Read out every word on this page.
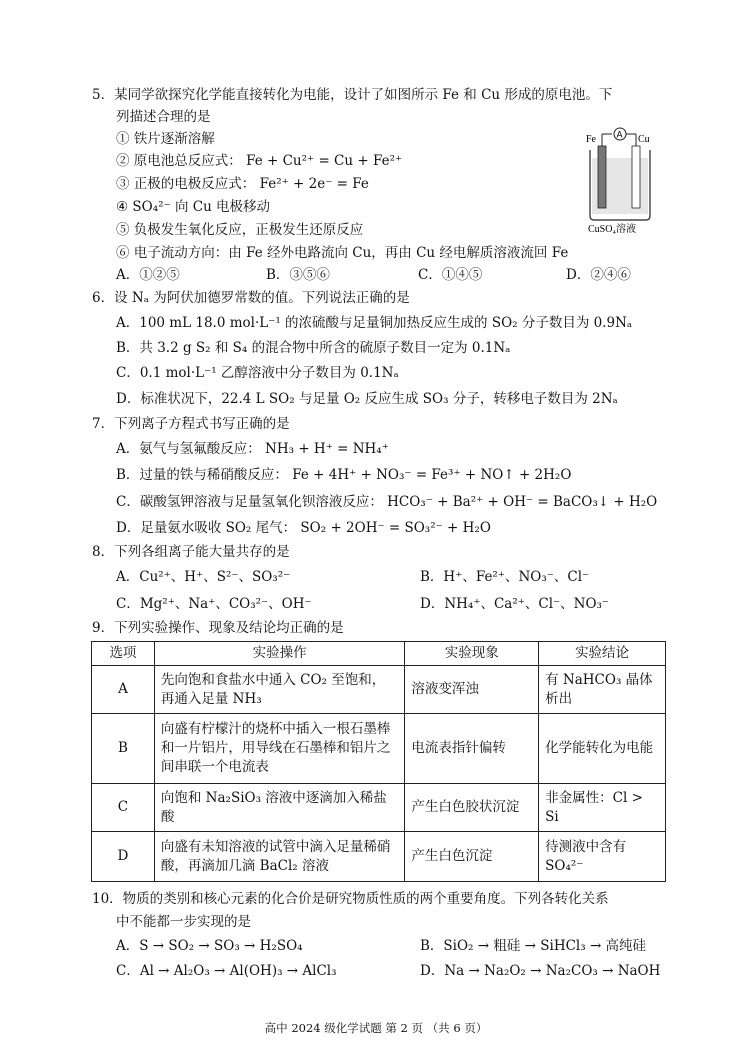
5．某同学欲探究化学能直接转化为电能，设计了如图所示 Fe 和 Cu 形成的原电池。下
列描述合理的是
① 铁片逐渐溶解
② 原电池总反应式： Fe + Cu²⁺ = Cu + Fe²⁺
③ 正极的电极反应式： Fe²⁺ + 2e⁻ = Fe
④ SO₄²⁻ 向 Cu 电极移动
⑤ 负极发生氧化反应，正极发生还原反应
⑥ 电子流动方向：由 Fe 经外电路流向 Cu，再由 Cu 经电解质溶液流回 Fe
A．①②⑤	B．③⑤⑥	C．①④⑤	D．②④⑥
Fe	Cu
A
CuSO₄溶液
6．设 Nₐ 为阿伏加德罗常数的值。下列说法正确的是
A．100 mL 18.0 mol·L⁻¹ 的浓硫酸与足量铜加热反应生成的 SO₂ 分子数目为 0.9Nₐ
B．共 3.2 g S₂ 和 S₄ 的混合物中所含的硫原子数目一定为 0.1Nₐ
C．0.1 mol·L⁻¹ 乙醇溶液中分子数目为 0.1Nₐ
D．标准状况下，22.4 L SO₂ 与足量 O₂ 反应生成 SO₃ 分子，转移电子数目为 2Nₐ
7．下列离子方程式书写正确的是
A．氨气与氢氟酸反应： NH₃ + H⁺ = NH₄⁺
B．过量的铁与稀硝酸反应： Fe + 4H⁺ + NO₃⁻ = Fe³⁺ + NO↑ + 2H₂O
C．碳酸氢钾溶液与足量氢氧化钡溶液反应： HCO₃⁻ + Ba²⁺ + OH⁻ = BaCO₃↓ + H₂O
D．足量氨水吸收 SO₂ 尾气： SO₂ + 2OH⁻ = SO₃²⁻ + H₂O
8．下列各组离子能大量共存的是
A．Cu²⁺、H⁺、S²⁻、SO₃²⁻	B．H⁺、Fe²⁺、NO₃⁻、Cl⁻
C．Mg²⁺、Na⁺、CO₃²⁻、OH⁻	D．NH₄⁺、Ca²⁺、Cl⁻、NO₃⁻
9．下列实验操作、现象及结论均正确的是
选项	实验操作	实验现象	实验结论
A	先向饱和食盐水中通入 CO₂ 至饱和，再通入足量 NH₃	溶液变浑浊	有 NaHCO₃ 晶体析出
B	向盛有柠檬汁的烧杯中插入一根石墨棒和一片铝片，用导线在石墨棒和铝片之间串联一个电流表	电流表指针偏转	化学能转化为电能
C	向饱和 Na₂SiO₃ 溶液中逐滴加入稀盐酸	产生白色胶状沉淀	非金属性：Cl > Si
D	向盛有未知溶液的试管中滴入足量稀硝酸，再滴加几滴 BaCl₂ 溶液	产生白色沉淀	待测液中含有 SO₄²⁻
10．物质的类别和核心元素的化合价是研究物质性质的两个重要角度。下列各转化关系
中不能都一步实现的是
A．S → SO₂ → SO₃ → H₂SO₄	B．SiO₂ → 粗硅 → SiHCl₃ → 高纯硅
C．Al → Al₂O₃ → Al(OH)₃ → AlCl₃	D．Na → Na₂O₂ → Na₂CO₃ → NaOH
高中 2024 级化学试题 第 2 页 （共 6 页）
